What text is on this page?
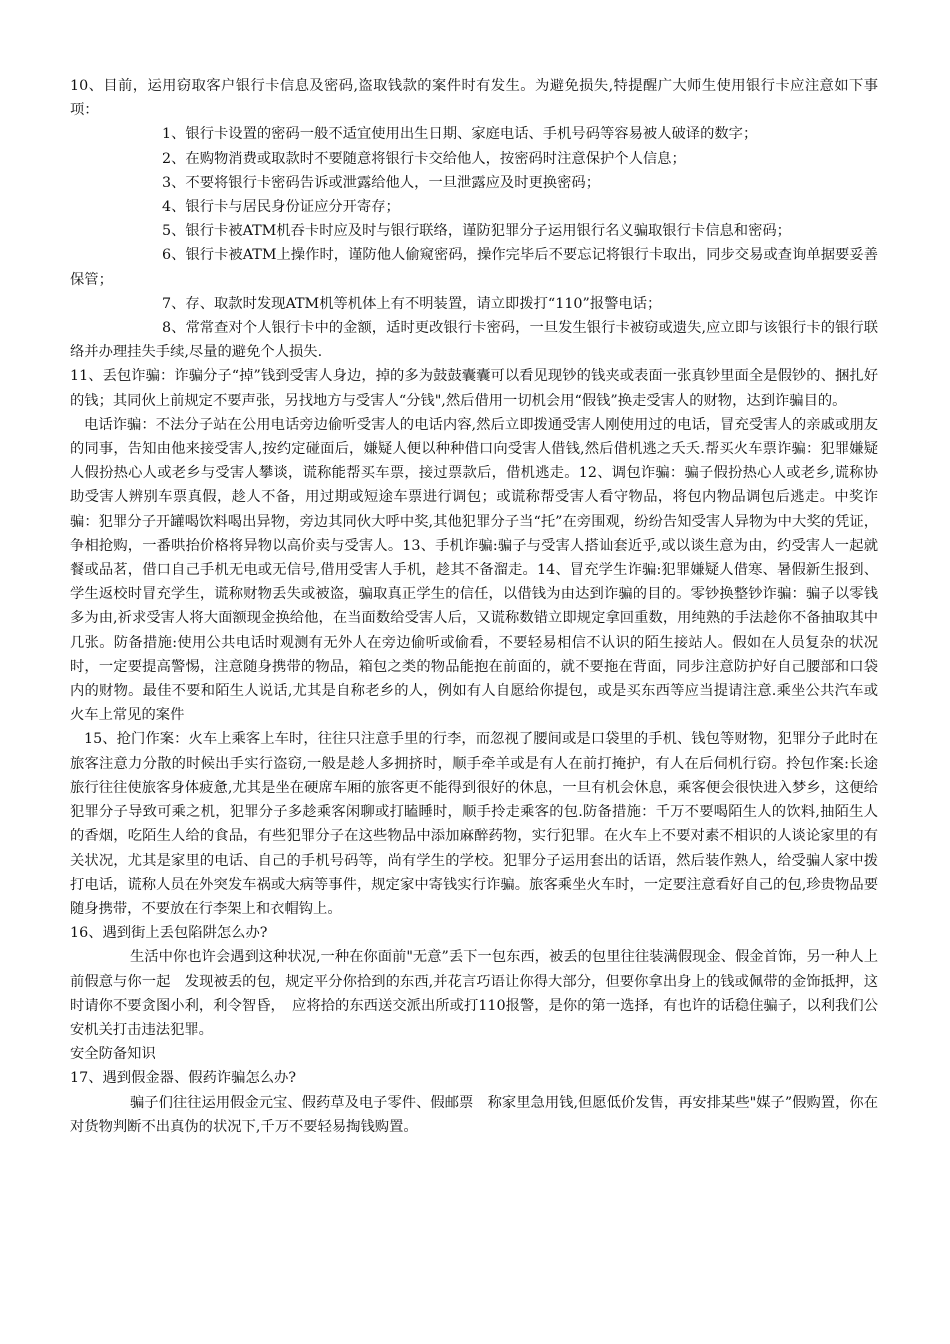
10、目前，运用窃取客户银行卡信息及密码,盗取钱款的案件时有发生。为避免损失,特提醒广大师生使用银行卡应注意如下事项：

1、银行卡设置的密码一般不适宜使用出生日期、家庭电话、手机号码等容易被人破译的数字；

2、在购物消费或取款时不要随意将银行卡交给他人，按密码时注意保护个人信息；

3、不要将银行卡密码告诉或泄露给他人，一旦泄露应及时更换密码；

4、银行卡与居民身份证应分开寄存；

5、银行卡被ATM机吞卡时应及时与银行联络，谨防犯罪分子运用银行名义骗取银行卡信息和密码；

6、银行卡被ATM上操作时，谨防他人偷窥密码，操作完毕后不要忘记将银行卡取出，同步交易或查询单据要妥善保管；

7、存、取款时发现ATM机等机体上有不明装置，请立即拨打“110”报警电话；

8、常常查对个人银行卡中的金额，适时更改银行卡密码，一旦发生银行卡被窃或遗失,应立即与该银行卡的银行联络并办理挂失手续,尽量的避免个人损失.

11、丢包诈骗：诈骗分子“掉”钱到受害人身边，掉的多为鼓鼓囊囊可以看见现钞的钱夹或表面一张真钞里面全是假钞的、捆扎好的钱；其同伙上前规定不要声张，另找地方与受害人“分钱",然后借用一切机会用“假钱”换走受害人的财物，达到诈骗目的。

电话诈骗：不法分子站在公用电话旁边偷听受害人的电话内容,然后立即拨通受害人刚使用过的电话，冒充受害人的亲戚或朋友的同事，告知由他来接受害人,按约定碰面后，嫌疑人便以种种借口向受害人借钱,然后借机逃之夭夭.帮买火车票诈骗：犯罪嫌疑人假扮热心人或老乡与受害人攀谈，谎称能帮买车票，接过票款后，借机逃走。12、调包诈骗：骗子假扮热心人或老乡,谎称协助受害人辨别车票真假，趁人不备，用过期或短途车票进行调包；或谎称帮受害人看守物品，将包内物品调包后逃走。中奖诈骗：犯罪分子开罐喝饮料喝出异物，旁边其同伙大呼中奖,其他犯罪分子当“托”在旁围观，纷纷告知受害人异物为中大奖的凭证，争相抢购，一番哄抬价格将异物以高价卖与受害人。13、手机诈骗:骗子与受害人搭讪套近乎,或以谈生意为由，约受害人一起就餐或品茗，借口自己手机无电或无信号,借用受害人手机，趁其不备溜走。14、冒充学生诈骗:犯罪嫌疑人借寒、暑假新生报到、学生返校时冒充学生，谎称财物丢失或被盗，骗取真正学生的信任，以借钱为由达到诈骗的目的。零钞换整钞诈骗：骗子以零钱多为由,祈求受害人将大面额现金换给他，在当面数给受害人后，又谎称数错立即规定拿回重数，用纯熟的手法趁你不备抽取其中几张。防备措施:使用公共电话时观测有无外人在旁边偷听或偷看，不要轻易相信不认识的陌生接站人。假如在人员复杂的状况时，一定要提高警惕，注意随身携带的物品，箱包之类的物品能抱在前面的，就不要拖在背面，同步注意防护好自己腰部和口袋内的财物。最佳不要和陌生人说话,尤其是自称老乡的人，例如有人自愿给你提包，或是买东西等应当提请注意.乘坐公共汽车或火车上常见的案件

15、抢门作案：火车上乘客上车时，往往只注意手里的行李，而忽视了腰间或是口袋里的手机、钱包等财物，犯罪分子此时在旅客注意力分散的时候出手实行盗窃,一般是趁人多拥挤时，顺手牵羊或是有人在前打掩护，有人在后伺机行窃。拎包作案:长途旅行往往使旅客身体疲惫,尤其是坐在硬席车厢的旅客更不能得到很好的休息，一旦有机会休息，乘客便会很快进入梦乡，这便给犯罪分子导致可乘之机，犯罪分子多趁乘客闲聊或打瞌睡时，顺手拎走乘客的包.防备措施：千万不要喝陌生人的饮料,抽陌生人的香烟，吃陌生人给的食品，有些犯罪分子在这些物品中添加麻醉药物，实行犯罪。在火车上不要对素不相识的人谈论家里的有关状况，尤其是家里的电话、自己的手机号码等，尚有学生的学校。犯罪分子运用套出的话语，然后装作熟人，给受骗人家中拨打电话，谎称人员在外突发车祸或大病等事件，规定家中寄钱实行诈骗。旅客乘坐火车时，一定要注意看好自己的包,珍贵物品要随身携带，不要放在行李架上和衣帽钩上。

16、遇到街上丢包陷阱怎么办?

生活中你也许会遇到这种状况,一种在你面前"无意”丢下一包东西，被丢的包里往往装满假现金、假金首饰，另一种人上前假意与你一起　发现被丢的包，规定平分你拾到的东西,并花言巧语让你得大部分，但要你拿出身上的钱或佩带的金饰抵押，这时请你不要贪图小利，利令智昏，　应将拾的东西送交派出所或打110报警，是你的第一选择，有也许的话稳住骗子，以利我们公安机关打击违法犯罪。

安全防备知识

17、遇到假金器、假药诈骗怎么办?

骗子们往往运用假金元宝、假药草及电子零件、假邮票　称家里急用钱,但愿低价发售，再安排某些"媒子”假购置，你在对货物判断不出真伪的状况下,千万不要轻易掏钱购置。
